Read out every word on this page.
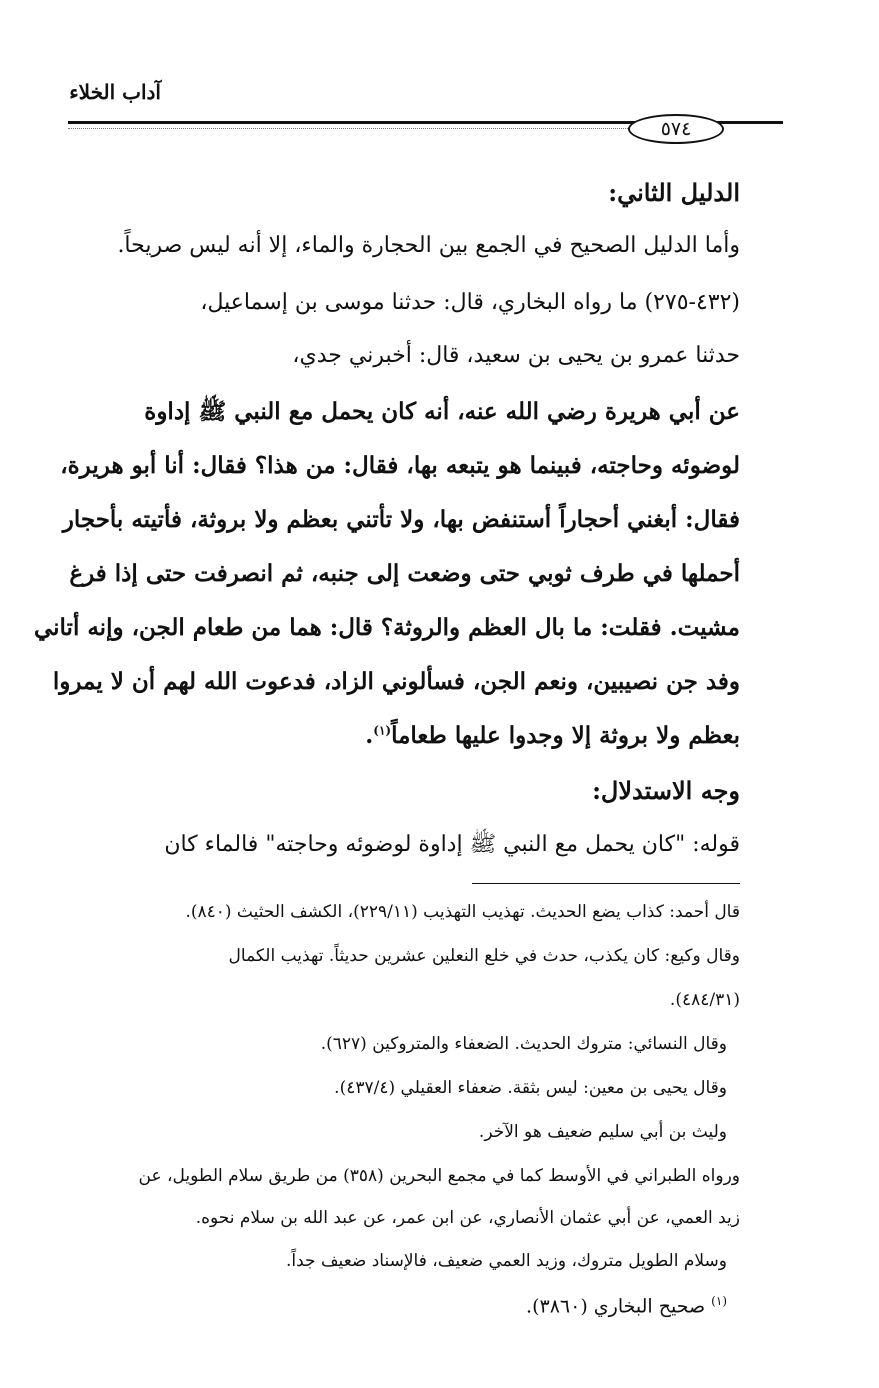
آداب الخلاء
٥٧٤
الدليل الثاني:
وأما الدليل الصحيح في الجمع بين الحجارة والماء، إلا أنه ليس صريحاً.
(٤٣٢-٢٧٥) ما رواه البخاري، قال: حدثنا موسى بن إسماعيل،
حدثنا عمرو بن يحيى بن سعيد، قال: أخبرني جدي،
عن أبي هريرة رضي الله عنه، أنه كان يحمل مع النبي ﷺ إداوة
لوضوئه وحاجته، فبينما هو يتبعه بها، فقال: من هذا؟ فقال: أنا أبو هريرة،
فقال: أبغني أحجاراً أستنفض بها، ولا تأتني بعظم ولا بروثة، فأتيته بأحجار
أحملها في طرف ثوبي حتى وضعت إلى جنبه، ثم انصرفت حتى إذا فرغ
مشيت. فقلت: ما بال العظم والروثة؟ قال: هما من طعام الجن، وإنه أتاني
وفد جن نصيبين، ونعم الجن، فسألوني الزاد، فدعوت الله لهم أن لا يمروا
بعظم ولا بروثة إلا وجدوا عليها طعاماً$^{(١)}$.
وجه الاستدلال:
قوله: "كان يحمل مع النبي ﷺ إداوة لوضوئه وحاجته" فالماء كان
قال أحمد: كذاب يضع الحديث. تهذيب التهذيب (٢٢٩/١١)، الكشف الحثيث (٨٤٠).
وقال وكيع: كان يكذب، حدث في خلع النعلين عشرين حديثاً. تهذيب الكمال
(٤٨٤/٣١).
وقال النسائي: متروك الحديث. الضعفاء والمتروكين (٦٢٧).
وقال يحيى بن معين: ليس بثقة. ضعفاء العقيلي (٤٣٧/٤).
وليث بن أبي سليم ضعيف هو الآخر.
ورواه الطبراني في الأوسط كما في مجمع البحرين (٣٥٨) من طريق سلام الطويل، عن
زيد العمي، عن أبي عثمان الأنصاري، عن ابن عمر، عن عبد الله بن سلام نحوه.
وسلام الطويل متروك، وزيد العمي ضعيف، فالإسناد ضعيف جداً.
$^{(١)}$ صحيح البخاري (٣٨٦٠).
